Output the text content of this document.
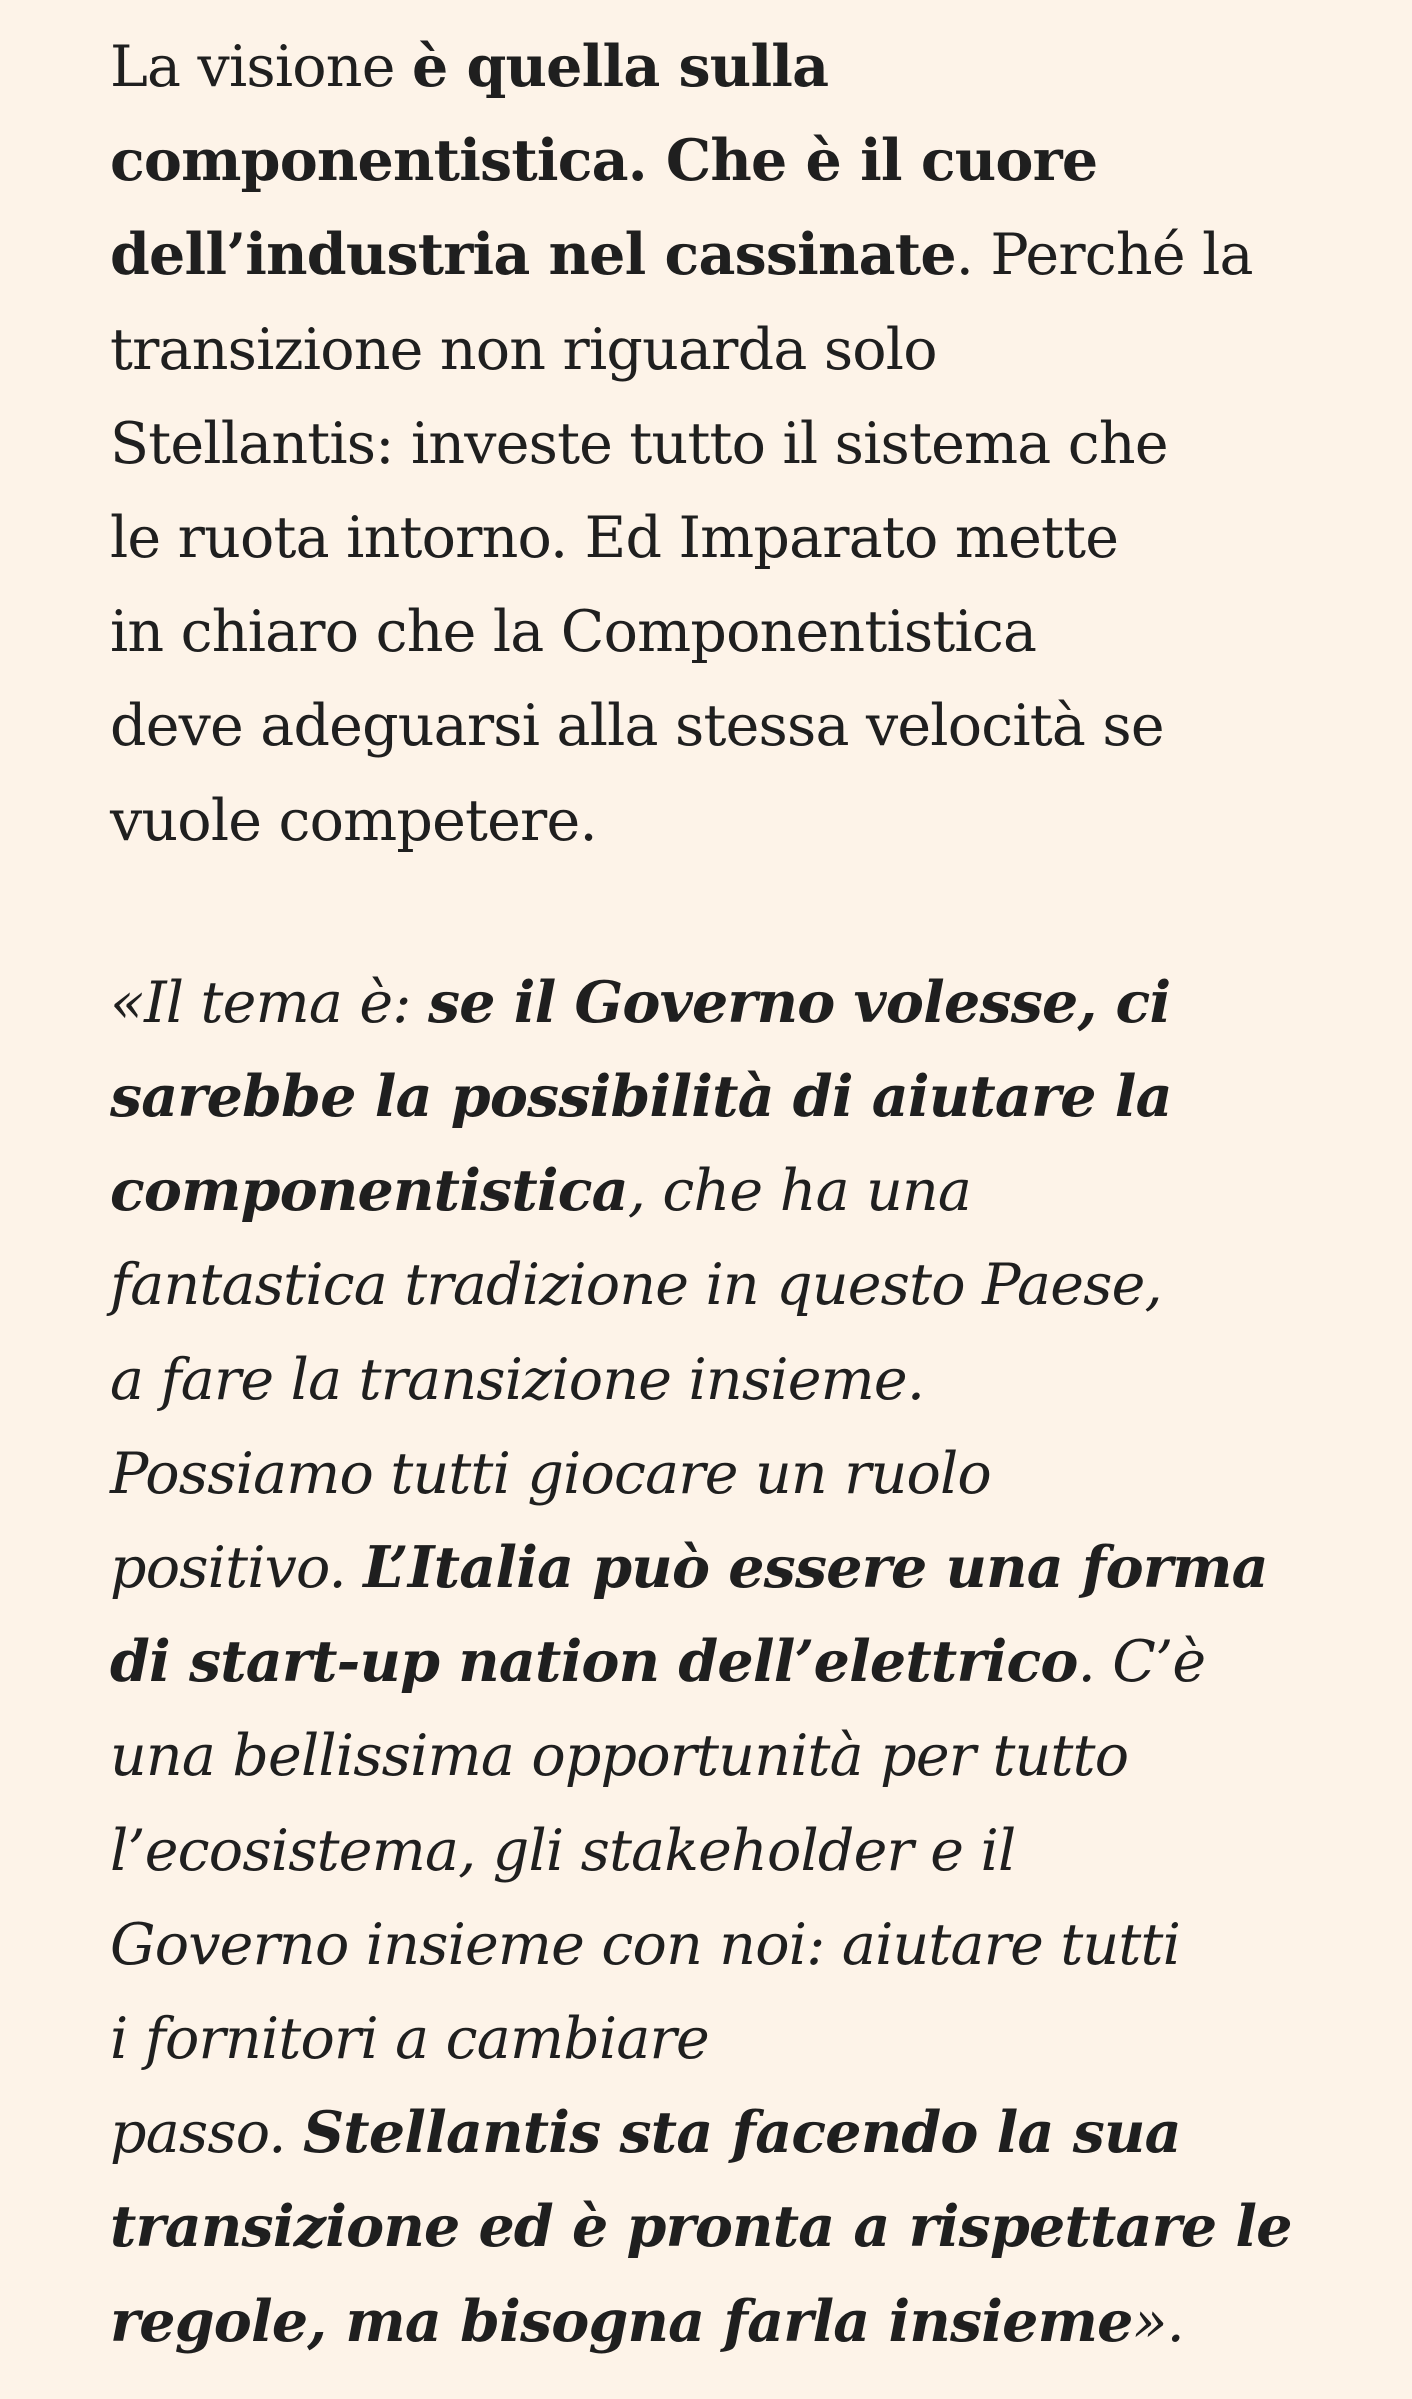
La visione è quella sulla
componentistica. Che è il cuore
dell’industria nel cassinate. Perché la
transizione non riguarda solo
Stellantis: investe tutto il sistema che
le ruota intorno. Ed Imparato mette
in chiaro che la Componentistica
deve adeguarsi alla stessa velocità se
vuole competere.

«Il tema è: se il Governo volesse, ci
sarebbe la possibilità di aiutare la
componentistica, che ha una
fantastica tradizione in questo Paese,
a fare la transizione insieme.
Possiamo tutti giocare un ruolo
positivo. L’Italia può essere una forma
di start-up nation dell’elettrico. C’è
una bellissima opportunità per tutto
l’ecosistema, gli stakeholder e il
Governo insieme con noi: aiutare tutti
i fornitori a cambiare
passo. Stellantis sta facendo la sua
transizione ed è pronta a rispettare le
regole, ma bisogna farla insieme».
